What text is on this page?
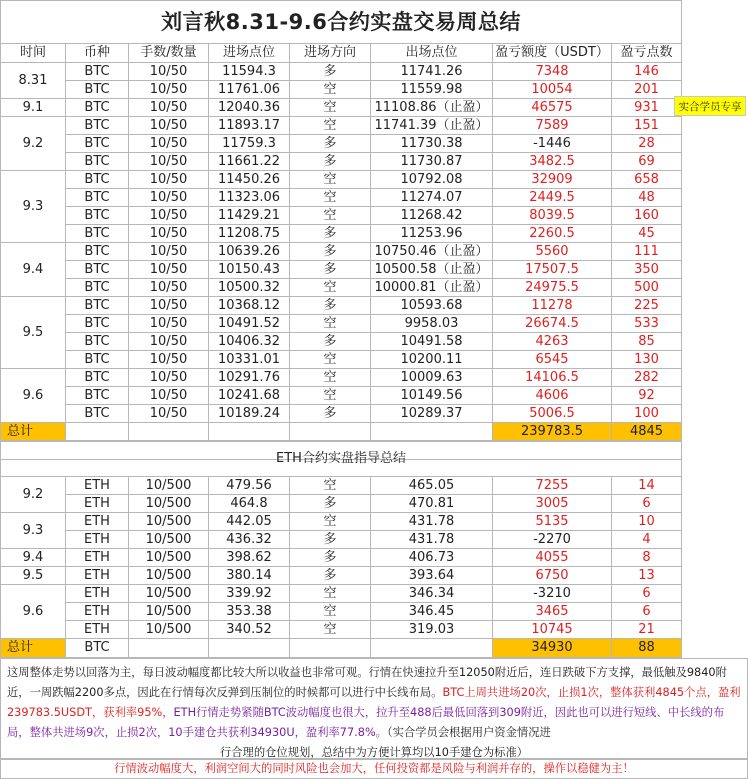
刘言秋8.31-9.6合约实盘交易周总结							
时间	币种	手数/数量	进场点位	进场方向	出场点位	盈亏额度（USDT）	盈亏点数
8.31	BTC	10/50	11594.3	多	11741.26	7348	146
	BTC	10/50	11761.06	空	11559.98	10054	201
9.1	BTC	10/50	12040.36	空	11108.86（止盈）	46575	931
9.2	BTC	10/50	11893.17	空	11741.39（止盈）	7589	151
	BTC	10/50	11759.3	多	11730.38	-1446	28
	BTC	10/50	11661.22	多	11730.87	3482.5	69
9.3	BTC	10/50	11450.26	空	10792.08	32909	658
	BTC	10/50	11323.06	空	11274.07	2449.5	48
	BTC	10/50	11429.21	空	11268.42	8039.5	160
	BTC	10/50	11208.75	多	11253.96	2260.5	45
9.4	BTC	10/50	10639.26	多	10750.46（止盈）	5560	111
	BTC	10/50	10150.43	多	10500.58（止盈）	17507.5	350
	BTC	10/50	10500.32	空	10000.81（止盈）	24975.5	500
9.5	BTC	10/50	10368.12	多	10593.68	11278	225
	BTC	10/50	10491.52	空	9958.03	26674.5	533
	BTC	10/50	10406.32	多	10491.58	4263	85
	BTC	10/50	10331.01	空	10200.11	6545	130
9.6	BTC	10/50	10291.76	空	10009.63	14106.5	282
	BTC	10/50	10241.68	空	10149.56	4606	92
	BTC	10/50	10189.24	多	10289.37	5006.5	100
总计						239783.5	4845

实合学员专享
ETH合约实盘指导总结							
9.2	ETH	10/500	479.56	空	465.05	7255	14
	ETH	10/500	464.8	多	470.81	3005	6
9.3	ETH	10/500	442.05	空	431.78	5135	10
	ETH	10/500	436.32	多	431.78	-2270	4
9.4	ETH	10/500	398.62	多	406.73	4055	8
9.5	ETH	10/500	380.14	多	393.64	6750	13
9.6	ETH	10/500	339.92	空	346.34	-3210	6
	ETH	10/500	353.38	空	346.45	3465	6
	ETH	10/500	340.52	空	319.03	10745	21
总计	BTC					34930	88
这周整体走势以回落为主，每日波动幅度都比较大所以收益也非常可观。行情在快速拉升至12050附近后，连日跌破下方支撑，最低触及9840附近，一周跌幅2200多点，因此在行情每次反弹到压制位的时候都可以进行中长线布局。BTC上周共进场20次，止损1次，整体获利4845个点，盈利239783.5USDT，获利率95%，ETH行情走势紧随BTC波动幅度也很大，拉升至488后最低回落到309附近，因此也可以进行短线、中长线的布局，整体共进场9次，止损2次，10手建仓共获利34930U，盈利率77.8%。（实合学员会根据用户资金情况进
行合理的仓位规划，总结中为方便计算均以10手建仓为标准）
行情波动幅度大，利润空间大的同时风险也会加大，任何投资都是风险与利润并存的，操作以稳健为主！
